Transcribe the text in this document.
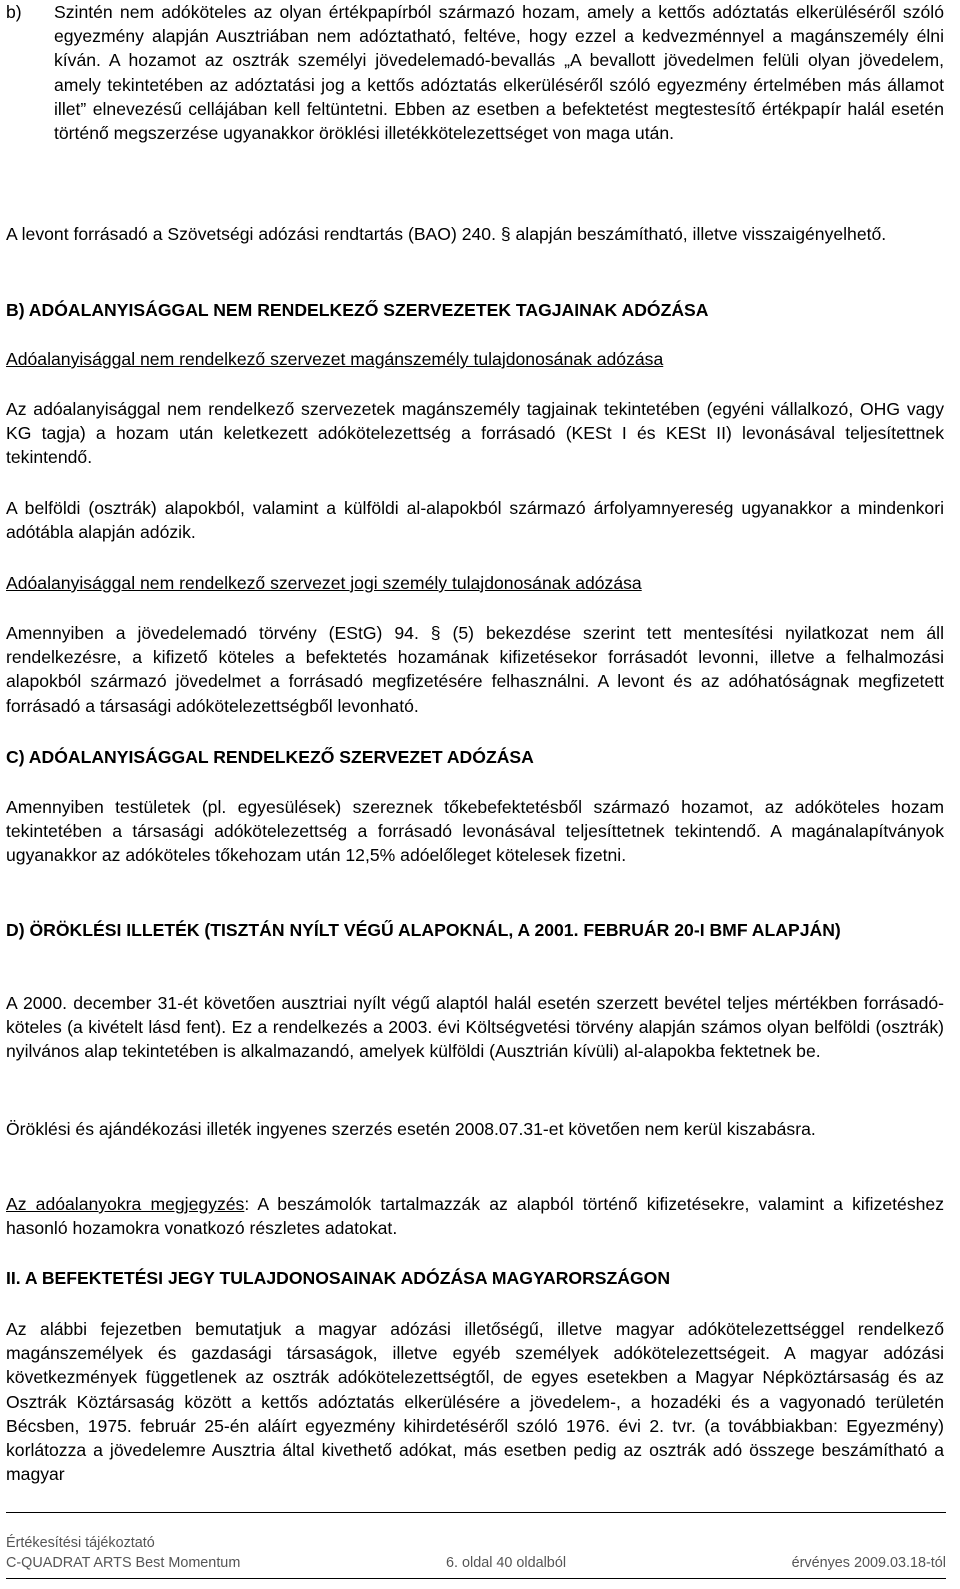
b) Szintén nem adóköteles az olyan értékpapírból származó hozam, amely a kettős adóztatás elkerüléséről szóló egyezmény alapján Ausztriában nem adóztatható, feltéve, hogy ezzel a kedvezménnyel a magánszemély élni kíván. A hozamot az osztrák személyi jövedelemadó-bevallás „A bevallott jövedelmen felüli olyan jövedelem, amely tekintetében az adóztatási jog a kettős adóztatás elkerüléséről szóló egyezmény értelmében más államot illet” elnevezésű cellájában kell feltüntetni. Ebben az esetben a befektetést megtestesítő értékpapír halál esetén történő megszerzése ugyanakkor öröklési illetékkötelezettséget von maga után.

A levont forrásadó a Szövetségi adózási rendtartás (BAO) 240. § alapján beszámítható, illetve visszaigényelhető.

B) ADÓALANYISÁGGAL NEM RENDELKEZŐ SZERVEZETEK TAGJAINAK ADÓZÁSA

Adóalanyisággal nem rendelkező szervezet magánszemély tulajdonosának adózása

Az adóalanyisággal nem rendelkező szervezetek magánszemély tagjainak tekintetében (egyéni vállalkozó, OHG vagy KG tagja) a hozam után keletkezett adókötelezettség a forrásadó (KESt I és KESt II) levonásával teljesítettnek tekintendő.

A belföldi (osztrák) alapokból, valamint a külföldi al-alapokból származó árfolyamnyereség ugyanakkor a mindenkori adótábla alapján adózik.

Adóalanyisággal nem rendelkező szervezet jogi személy tulajdonosának adózása

Amennyiben a jövedelemadó törvény (EStG) 94. § (5) bekezdése szerint tett mentesítési nyilatkozat nem áll rendelkezésre, a kifizető köteles a befektetés hozamának kifizetésekor forrásadót levonni, illetve a felhalmozási alapokból származó jövedelmet a forrásadó megfizetésére felhasználni. A levont és az adóhatóságnak megfizetett forrásadó a társasági adókötelezettségből levonható.

C) ADÓALANYISÁGGAL RENDELKEZŐ SZERVEZET ADÓZÁSA

Amennyiben testületek (pl. egyesülések) szereznek tőkebefektetésből származó hozamot, az adóköteles hozam tekintetében a társasági adókötelezettség a forrásadó levonásával teljesíttetnek tekintendő. A magánalapítványok ugyanakkor az adóköteles tőkehozam után 12,5% adóelőleget kötelesek fizetni.

D) ÖRÖKLÉSI ILLETÉK (TISZTÁN NYÍLT VÉGŰ ALAPOKNÁL, A 2001. FEBRUÁR 20-I BMF ALAPJÁN)

A 2000. december 31-ét követően ausztriai nyílt végű alaptól halál esetén szerzett bevétel teljes mértékben forrásadó-köteles (a kivételt lásd fent). Ez a rendelkezés a 2003. évi Költségvetési törvény alapján számos olyan belföldi (osztrák) nyilvános alap tekintetében is alkalmazandó, amelyek külföldi (Ausztrián kívüli) al-alapokba fektetnek be.

Öröklési és ajándékozási illeték ingyenes szerzés esetén 2008.07.31-et követően nem kerül kiszabásra.

Az adóalanyokra megjegyzés: A beszámolók tartalmazzák az alapból történő kifizetésekre, valamint a kifizetéshez hasonló hozamokra vonatkozó részletes adatokat.

II. A BEFEKTETÉSI JEGY TULAJDONOSAINAK ADÓZÁSA MAGYARORSZÁGON

Az alábbi fejezetben bemutatjuk a magyar adózási illetőségű, illetve magyar adókötelezettséggel rendelkező magánszemélyek és gazdasági társaságok, illetve egyéb személyek adókötelezettségeit. A magyar adózási következmények függetlenek az osztrák adókötelezettségtől, de egyes esetekben a Magyar Népköztársaság és az Osztrák Köztársaság között a kettős adóztatás elkerülésére a jövedelem-, a hozadéki és a vagyonadó területén Bécsben, 1975. február 25-én aláírt egyezmény kihirdetéséről szóló 1976. évi 2. tvr. (a továbbiakban: Egyezmény) korlátozza a jövedelemre Ausztria által kivethető adókat, más esetben pedig az osztrák adó összege beszámítható a magyar

Értékesítési tájékoztató
C-QUADRAT ARTS Best Momentum	6. oldal 40 oldalból	érvényes 2009.03.18-tól
